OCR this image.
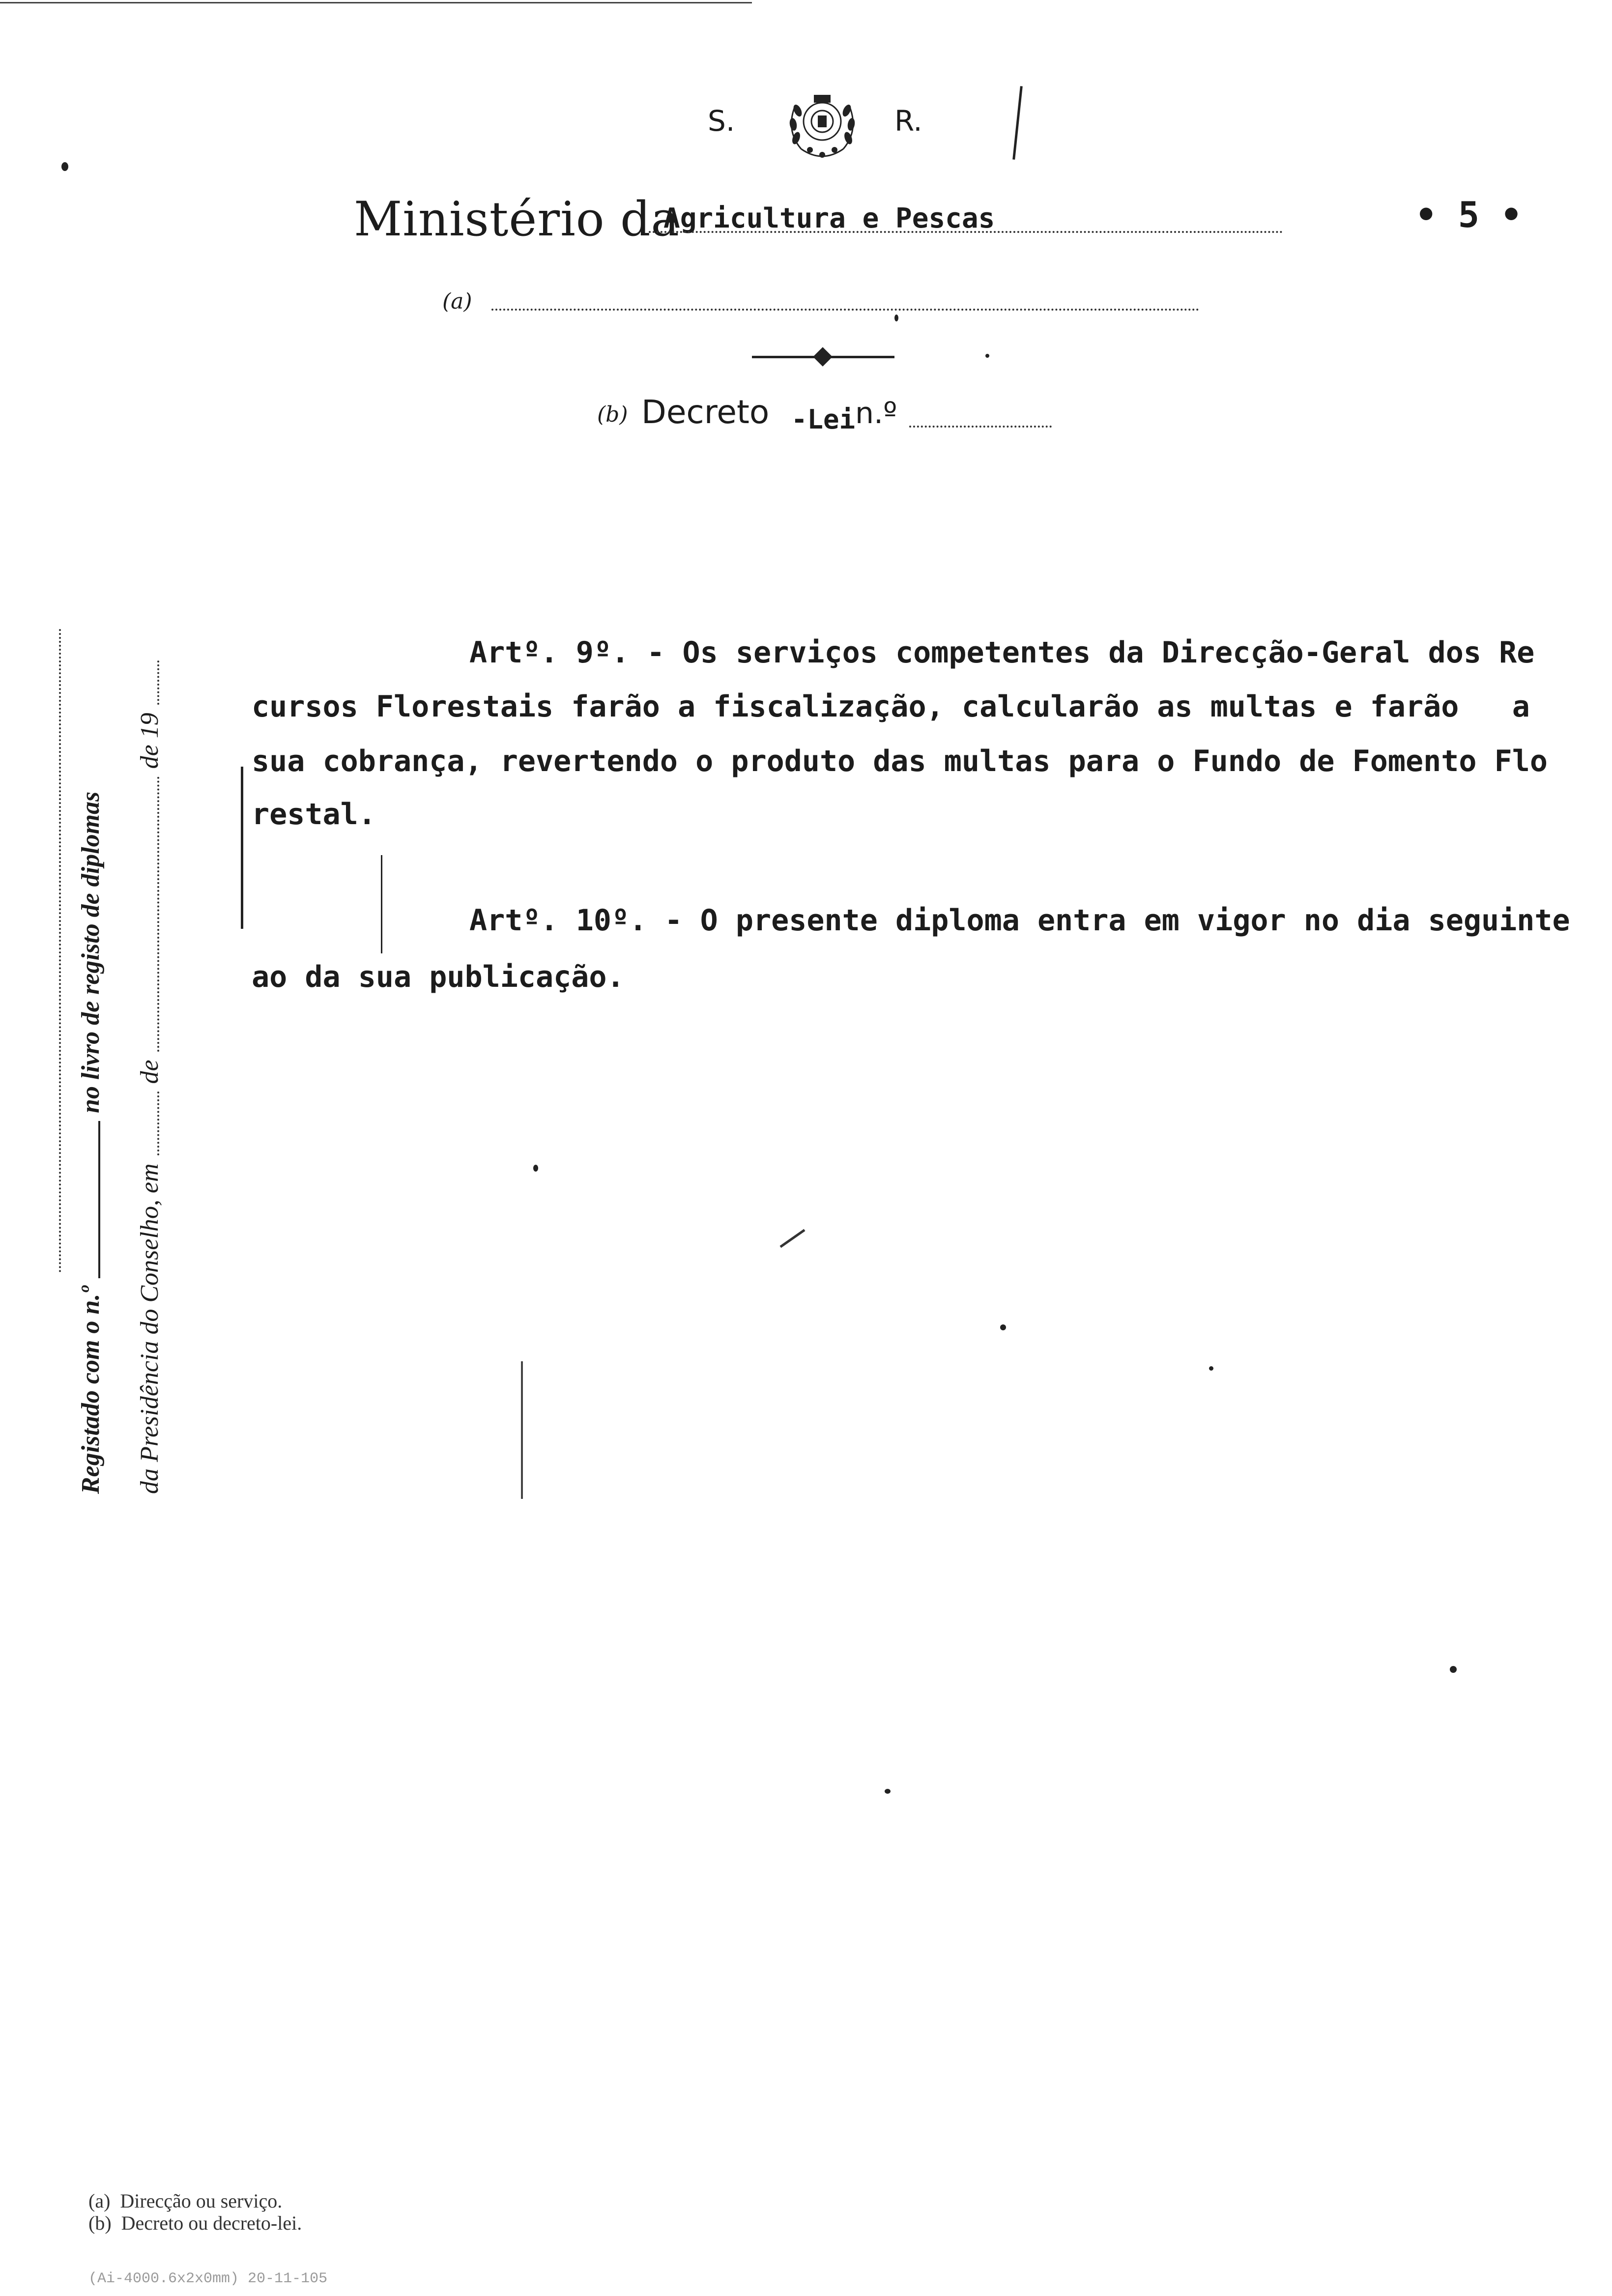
S.	R.
Ministério da
Agricultura e Pescas	• 5 •
(a)
(b) Decreto -Lei n.º
Registado com o n.º
no livro de registo de diplomas
da Presidência do Conselho, em
de
de 19
Artº. 9º. - Os serviços competentes da Direcção-Geral dos Re
cursos Florestais farão a fiscalização, calcularão as multas e farão   a
sua cobrança, revertendo o produto das multas para o Fundo de Fomento Flo
restal.
Artº. 10º. - O presente diploma entra em vigor no dia seguinte
ao da sua publicação.
(a)  Direcção ou serviço.
(b)  Decreto ou decreto-lei.
(Ai-4000.6x2x0mm) 20-11-105
